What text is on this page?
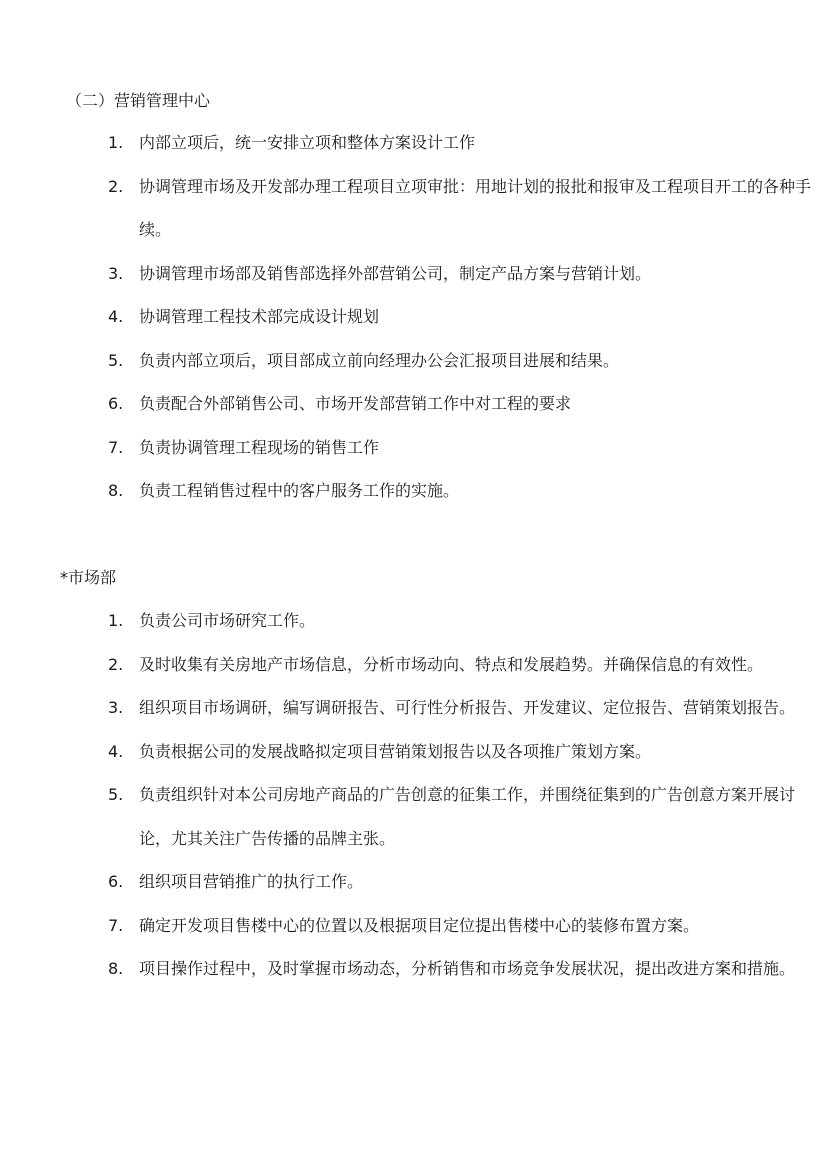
（二）营销管理中心
1. 内部立项后，统一安排立项和整体方案设计工作
2. 协调管理市场及开发部办理工程项目立项审批：用地计划的报批和报审及工程项目开工的各种手续。
3. 协调管理市场部及销售部选择外部营销公司，制定产品方案与营销计划。
4. 协调管理工程技术部完成设计规划
5. 负责内部立项后，项目部成立前向经理办公会汇报项目进展和结果。
6. 负责配合外部销售公司、市场开发部营销工作中对工程的要求
7. 负责协调管理工程现场的销售工作
8. 负责工程销售过程中的客户服务工作的实施。
*市场部
1. 负责公司市场研究工作。
2. 及时收集有关房地产市场信息，分析市场动向、特点和发展趋势。并确保信息的有效性。
3. 组织项目市场调研，编写调研报告、可行性分析报告、开发建议、定位报告、营销策划报告。
4. 负责根据公司的发展战略拟定项目营销策划报告以及各项推广策划方案。
5. 负责组织针对本公司房地产商品的广告创意的征集工作，并围绕征集到的广告创意方案开展讨论，尤其关注广告传播的品牌主张。
6. 组织项目营销推广的执行工作。
7. 确定开发项目售楼中心的位置以及根据项目定位提出售楼中心的装修布置方案。
8. 项目操作过程中，及时掌握市场动态，分析销售和市场竞争发展状况，提出改进方案和措施。
